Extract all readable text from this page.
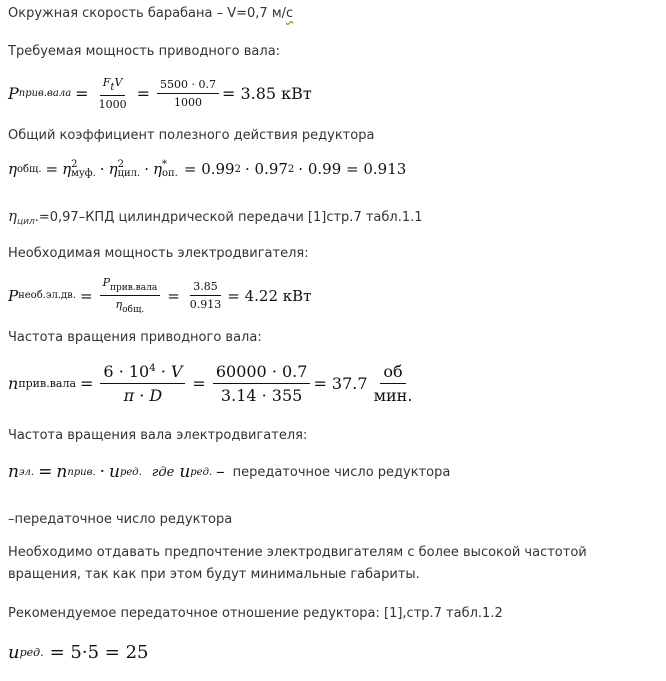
Окружная скорость барабана – V=0,7 м/с
Требуемая мощность приводного вала:
P прив.вала = $\frac{\text{FtV}}{1000} = \frac{5500 \cdot 0.7}{1000} = 3.85$ кВт
Общий коэффициент полезного действия редуктора
η общ. = η 2
муф. · η 2
цил. · η *
оп. = 0.99 2 · 0.97 2 · 0.99 = 0.913
$\eta_{цил}.=0,97$–КПД цилиндрической передачи [1]стр.7 табл.1.1
Необходимая мощность электродвигателя:
P необ.эл.дв. = $\frac{P_{прив.вала}}{\eta_{общ.}} = \frac{3.85}{0.913} = 4.22$ кВт
Частота вращения приводного вала:
n прив.вала = $\frac{6 \cdot 10^4 \cdot V}{\pi \cdot D} = \frac{60000 \cdot 0.7}{3.14 \cdot 355} = 37.7 \frac{об}{\text{мин.}}$
Частота вращения вала электродвигателя:
n эл. = n прив. · u ред. где u ред. – передаточное число редуктора
–передаточное число редуктора
Необходимо отдавать предпочтение электродвигателям с более высокой частотой вращения, так как при этом будут минимальные габариты.
Рекомендуемое передаточное отношение редуктора: [1],стр.7 табл.1.2
u ред. = 5·5 = 25
